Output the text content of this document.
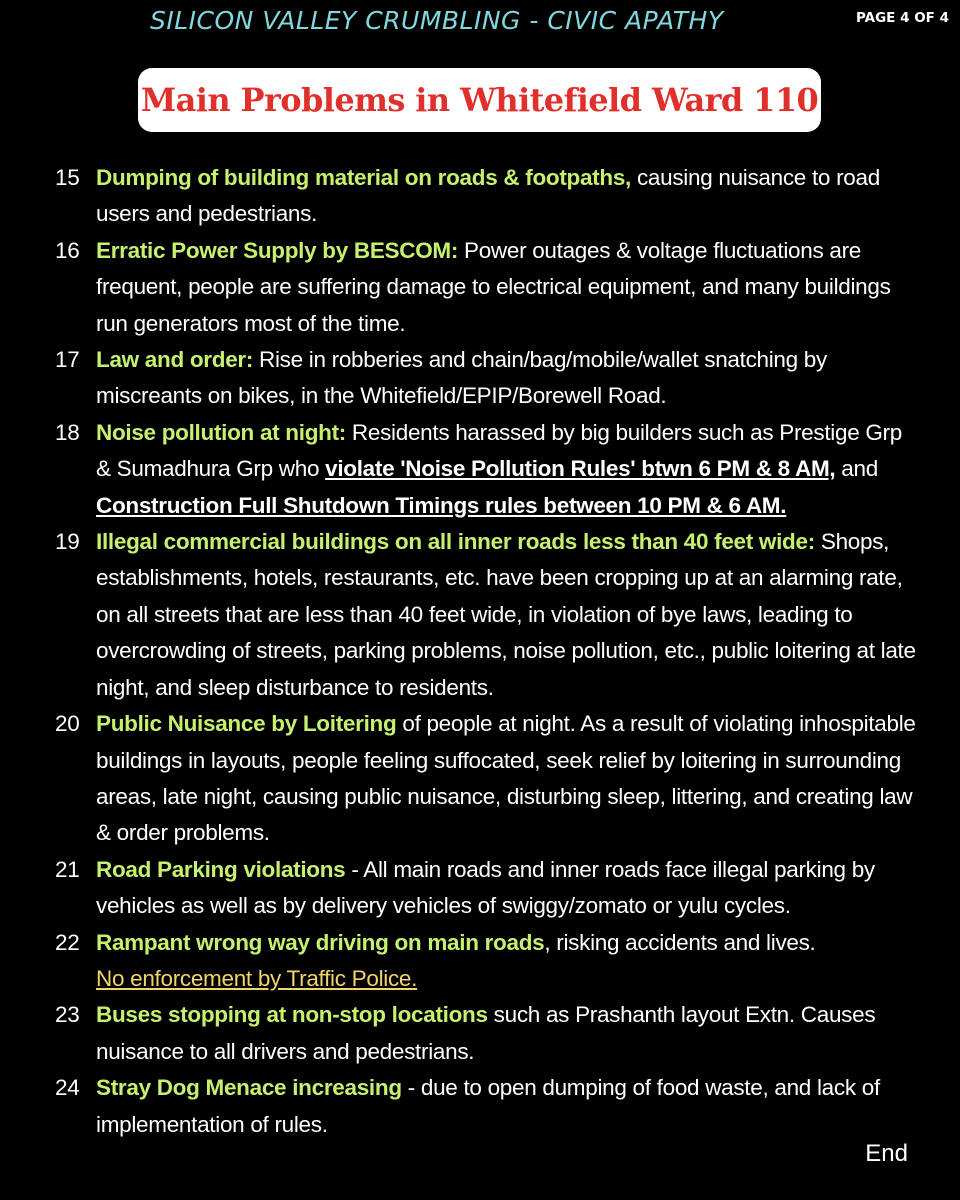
SILICON VALLEY CRUMBLING - CIVIC APATHY	PAGE 4 OF 4
Main Problems in Whitefield Ward 110
15 Dumping of building material on roads & footpaths, causing nuisance to road users and pedestrians.
16 Erratic Power Supply by BESCOM: Power outages & voltage fluctuations are frequent, people are suffering damage to electrical equipment, and many buildings run generators most of the time.
17 Law and order: Rise in robberies and chain/bag/mobile/wallet snatching by miscreants on bikes, in the Whitefield/EPIP/Borewell Road.
18 Noise pollution at night: Residents harassed by big builders such as Prestige Grp & Sumadhura Grp who violate 'Noise Pollution Rules' btwn 6 PM & 8 AM, and Construction Full Shutdown Timings rules between 10 PM & 6 AM.
19 Illegal commercial buildings on all inner roads less than 40 feet wide: Shops, establishments, hotels, restaurants, etc. have been cropping up at an alarming rate, on all streets that are less than 40 feet wide, in violation of bye laws, leading to overcrowding of streets, parking problems, noise pollution, etc., public loitering at late night, and sleep disturbance to residents.
20 Public Nuisance by Loitering of people at night. As a result of violating inhospitable buildings in layouts, people feeling suffocated, seek relief by loitering in surrounding areas, late night, causing public nuisance, disturbing sleep, littering, and creating law & order problems.
21 Road Parking violations - All main roads and inner roads face illegal parking by vehicles as well as by delivery vehicles of swiggy/zomato or yulu cycles.
22 Rampant wrong way driving on main roads, risking accidents and lives.
No enforcement by Traffic Police.
23 Buses stopping at non-stop locations such as Prashanth layout Extn. Causes nuisance to all drivers and pedestrians.
24 Stray Dog Menace increasing - due to open dumping of food waste, and lack of implementation of rules.
End
